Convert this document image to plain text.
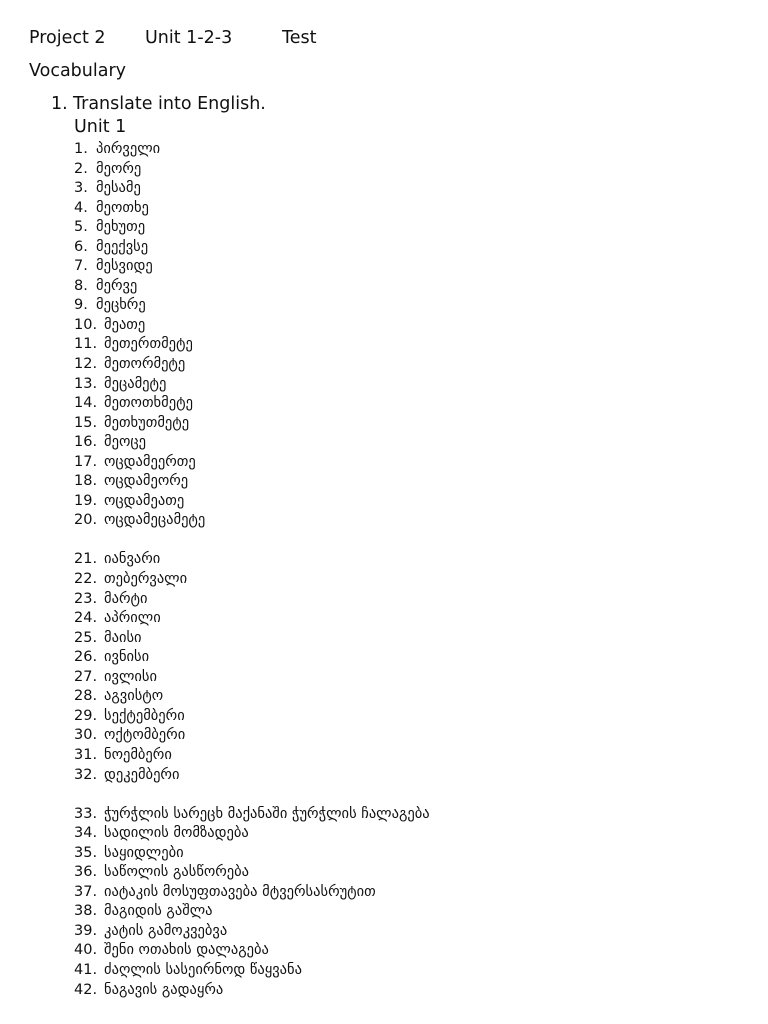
Project 2 Unit 1-2-3	Test
Vocabulary
1. Translate into English.
Unit 1
1. პირველი
2. მეორე
3. მესამე
4. მეოთხე
5. მეხუთე
6. მეექვსე
7. მესვიდე
8. მერვე
9. მეცხრე
10. მეათე
11. მეთერთმეტე
12. მეთორმეტე
13. მეცამეტე
14. მეთოთხმეტე
15. მეთხუთმეტე
16. მეოცე
17. ოცდამეერთე
18. ოცდამეორე
19. ოცდამეათე
20. ოცდამეცამეტე
21. იანვარი
22. თებერვალი
23. მარტი
24. აპრილი
25. მაისი
26. ივნისი
27. ივლისი
28. აგვისტო
29. სექტემბერი
30. ოქტომბერი
31. ნოემბერი
32. დეკემბერი
33. ჭურჭლის სარეცხ მაქანაში ჭურჭლის ჩალაგება
34. სადილის მომზადება
35. საყიდლები
36. საწოლის გასწორება
37. იატაკის მოსუფთავება მტვერსასრუტით
38. მაგიდის გაშლა
39. კატის გამოკვებვა
40. შენი ოთახის დალაგება
41. ძაღლის სასეირნოდ წაყვანა
42. ნაგავის გადაყრა
